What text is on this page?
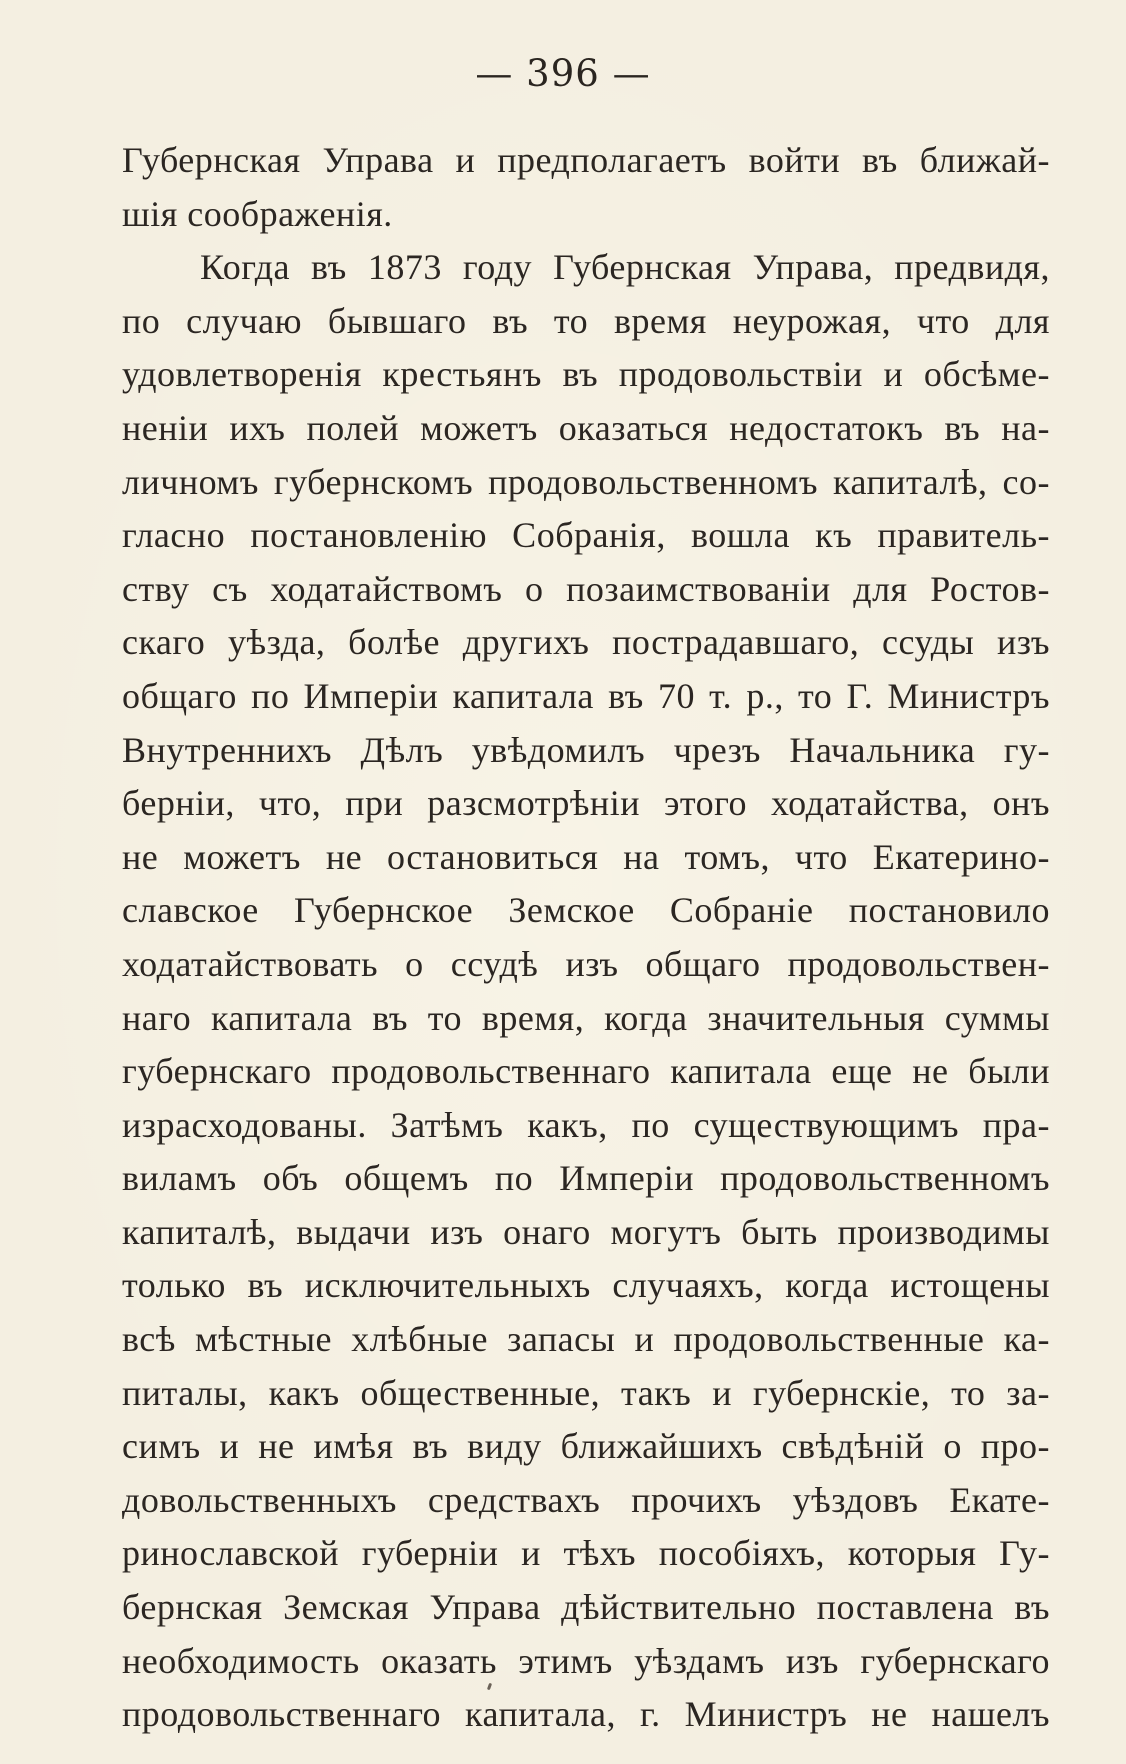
— 396 —
Губернская Управа и предполагаетъ войти въ ближай-
шія соображенія.
Когда въ 1873 году Губернская Управа, предвидя,
по случаю бывшаго въ то время неурожая, что для
удовлетворенія крестьянъ въ продовольствіи и обсѣме-
неніи ихъ полей можетъ оказаться недостатокъ въ на-
личномъ губернскомъ продовольственномъ капиталѣ, со-
гласно постановленію Собранія, вошла къ правитель-
ству съ ходатайствомъ о позаимствованіи для Ростов-
скаго уѣзда, болѣе другихъ пострадавшаго, ссуды изъ
общаго по Имперіи капитала въ 70 т. р., то Г. Министръ
Внутреннихъ Дѣлъ увѣдомилъ чрезъ Начальника гу-
берніи, что, при разсмотрѣніи этого ходатайства, онъ
не можетъ не остановиться на томъ, что Екатерино-
славское Губернское Земское Собраніе постановило
ходатайствовать о ссудѣ изъ общаго продовольствен-
наго капитала въ то время, когда значительныя суммы
губернскаго продовольственнаго капитала еще не были
израсходованы. Затѣмъ какъ, по существующимъ пра-
виламъ объ общемъ по Имперіи продовольственномъ
капиталѣ, выдачи изъ онаго могутъ быть производимы
только въ исключительныхъ случаяхъ, когда истощены
всѣ мѣстные хлѣбные запасы и продовольственные ка-
питалы, какъ общественные, такъ и губернскіе, то за-
симъ и не имѣя въ виду ближайшихъ свѣдѣній о про-
довольственныхъ средствахъ прочихъ уѣздовъ Екате-
ринославской губерніи и тѣхъ пособіяхъ, которыя Гу-
бернская Земская Управа дѣйствительно поставлена въ
необходимость оказать этимъ уѣздамъ изъ губернскаго
продовольственнаго капитала, г. Министръ не нашелъ
